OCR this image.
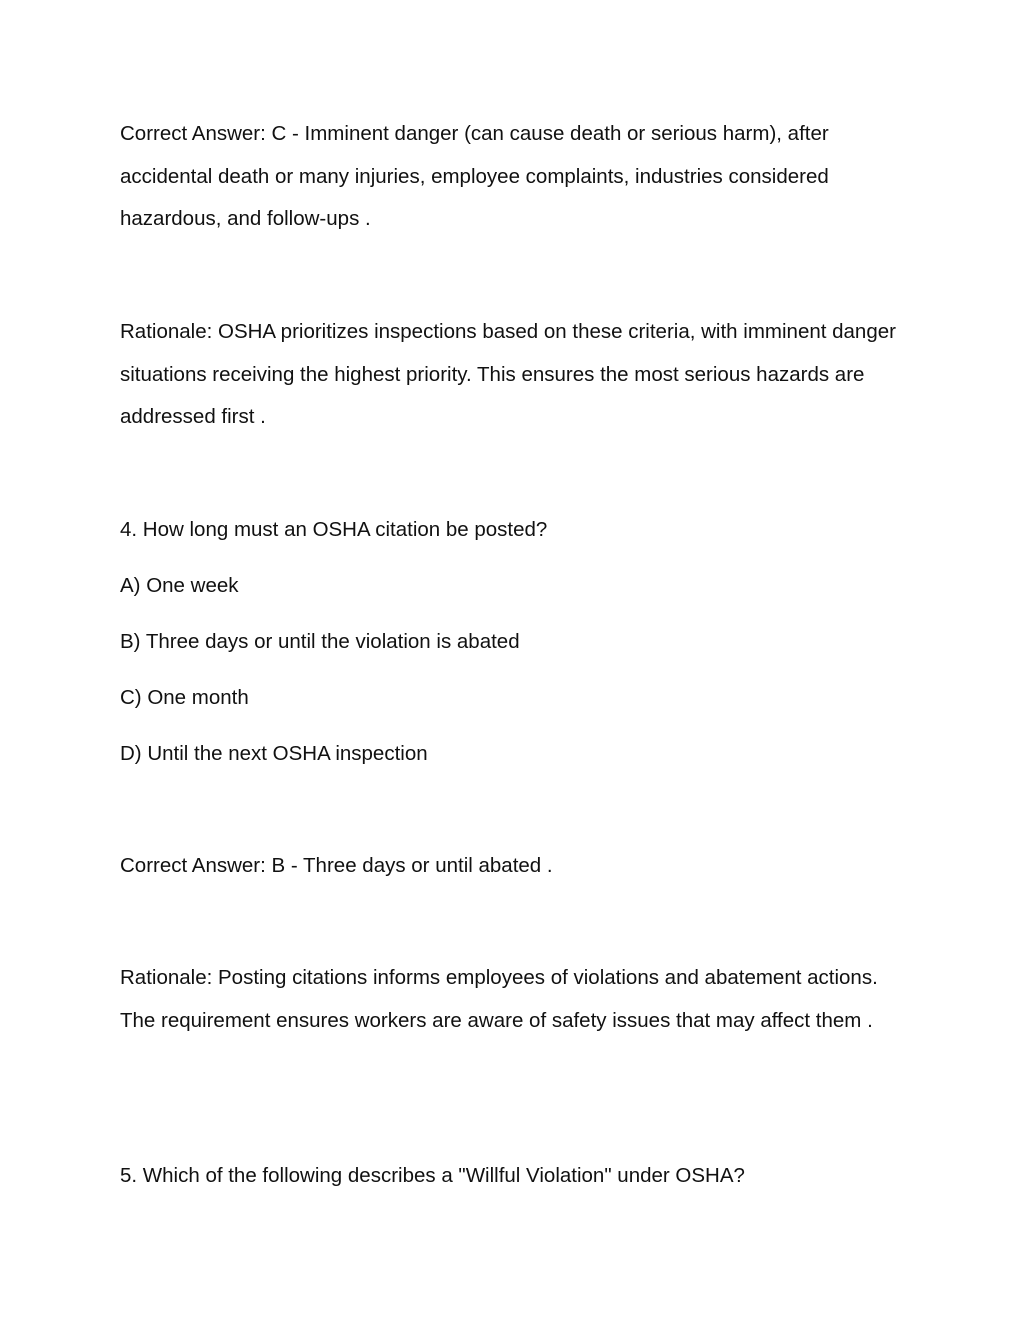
Correct Answer: C - Imminent danger (can cause death or serious harm), after accidental death or many injuries, employee complaints, industries considered hazardous, and follow-ups .

Rationale: OSHA prioritizes inspections based on these criteria, with imminent danger situations receiving the highest priority. This ensures the most serious hazards are addressed first .

4. How long must an OSHA citation be posted?

A) One week

B) Three days or until the violation is abated

C) One month

D) Until the next OSHA inspection

Correct Answer: B - Three days or until abated .

Rationale: Posting citations informs employees of violations and abatement actions. The requirement ensures workers are aware of safety issues that may affect them .

5. Which of the following describes a "Willful Violation" under OSHA?
